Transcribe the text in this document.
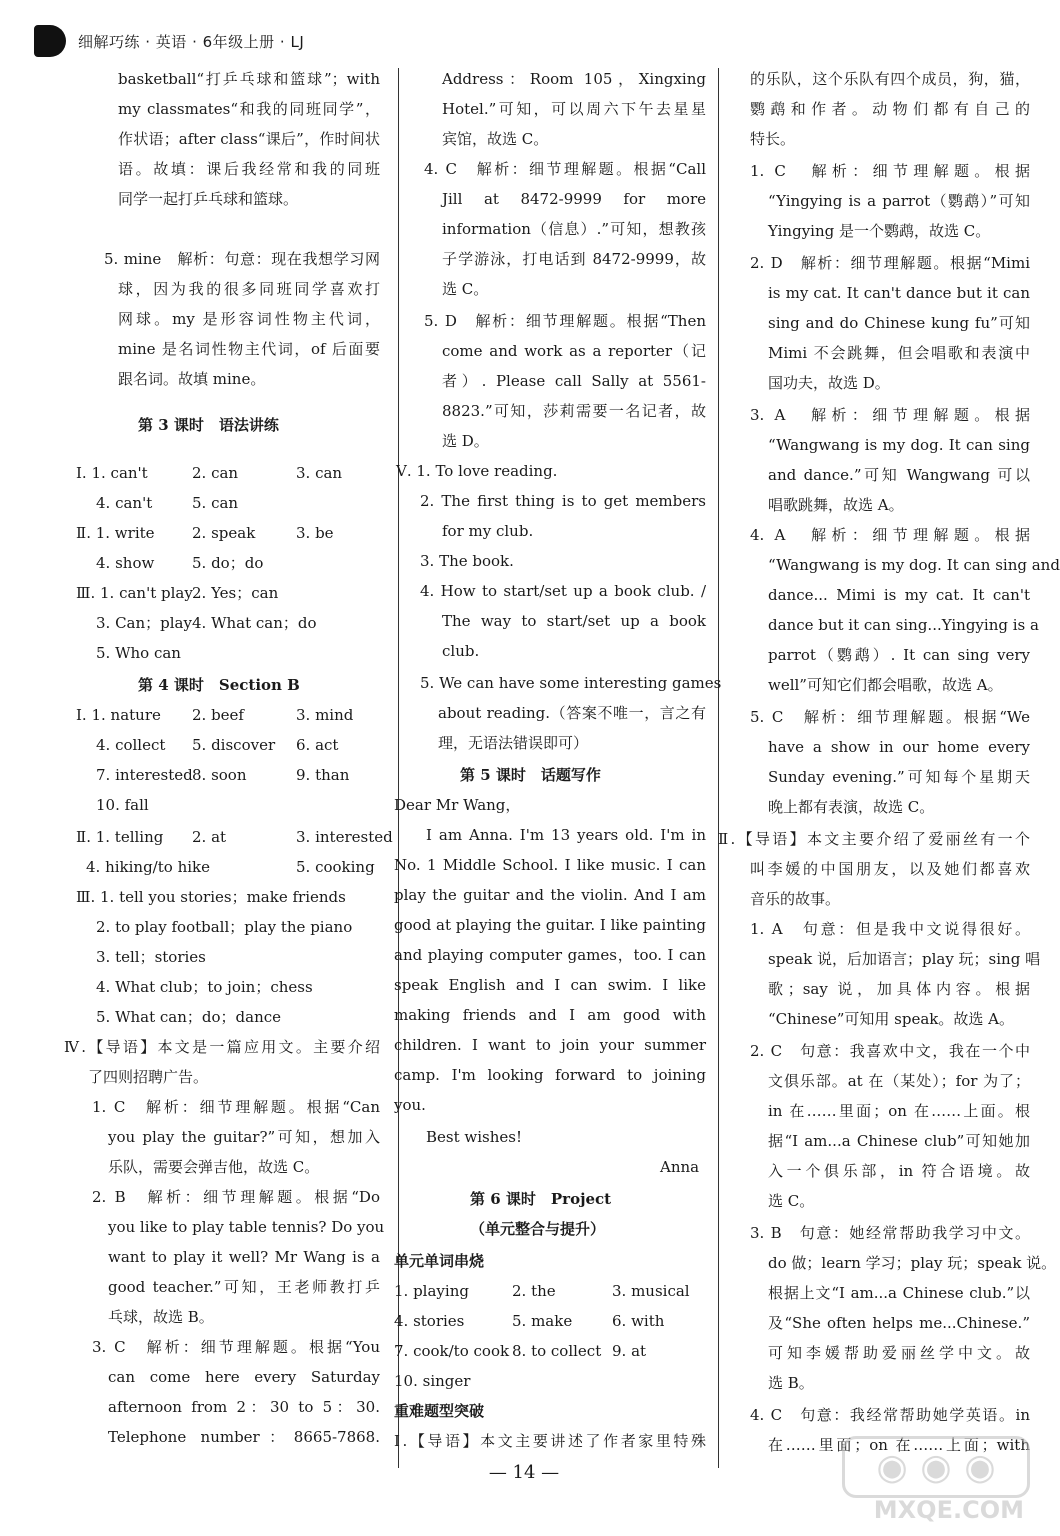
细解巧练 · 英语 · 6年级上册 · LJ
basketball“打乒乓球和篮球”；with
my classmates“和我的同班同学”，
作状语；after class“课后”，作时间状
语。故填：课后我经常和我的同班
同学一起打乒乓球和篮球。
5. mine　解析：句意：现在我想学习网
球，因为我的很多同班同学喜欢打
网球。my 是形容词性物主代词，
mine 是名词性物主代词，of 后面要
跟名词。故填 mine。
第 3 课时　语法讲练
Ⅰ. 1. can't	2. can	3. can
4. can't	5. can
Ⅱ. 1. write 2. speak	3. be
4. show	5. do；do
Ⅲ. 1. can't play 2. Yes；can
3. Can；play 4. What can；do
5. Who can
第 4 课时　Section B
Ⅰ. 1. nature 2. beef	3. mind
4. collect 5. discover 6. act
7. interested 8. soon	9. than
10. fall
Ⅱ. 1. telling 2. at	3. interested
4. hiking/to hike	5. cooking
Ⅲ. 1. tell you stories；make friends
2. to play football；play the piano
3. tell；stories
4. What club；to join；chess
5. What can；do；dance
Ⅳ.【导语】本文是一篇应用文。主要介绍
了四则招聘广告。
1. C　解析：细节理解题。根据“Can
you play the guitar?”可知，想加入
乐队，需要会弹吉他，故选 C。
2. B　解析：细节理解题。根据“Do
you like to play table tennis? Do you
want to play it well? Mr Wang is a
good teacher.”可知，王老师教打乒
乓球，故选 B。
3. C　解析：细节理解题。根据“You
can come here every Saturday
afternoon from 2：30 to 5：30.
Telephone number：8665-7868.
Address：Room 105，Xingxing
Hotel.”可知，可以周六下午去星星
宾馆，故选 C。
4. C　解析：细节理解题。根据“Call
Jill at 8472-9999 for more
information（信息）.”可知，想教孩
子学游泳，打电话到 8472-9999，故
选 C。
5. D　解析：细节理解题。根据“Then
come and work as a reporter（记
者）. Please call Sally at 5561-
8823.”可知，莎莉需要一名记者，故
选 D。
Ⅴ. 1. To love reading.
2. The first thing is to get members
for my club.
3. The book.
4. How to start/set up a book club. /
The way to start/set up a book
club.
5. We can have some interesting games
about reading.（答案不唯一，言之有
理，无语法错误即可）
第 5 课时　话题写作
Dear Mr Wang，
I am Anna. I'm 13 years old. I'm in
No. 1 Middle School. I like music. I can
play the guitar and the violin. And I am
good at playing the guitar. I like painting
and playing computer games，too. I can
speak English and I can swim. I like
making friends and I am good with
children. I want to join your summer
camp. I'm looking forward to joining
you.
Best wishes!
Anna
第 6 课时　Project
（单元整合与提升）
单元单词串烧
1. playing	2. the	3. musical
4. stories	5. make	6. with
7. cook/to cook 8. to collect 9. at
10. singer
重难题型突破
Ⅰ.【导语】本文主要讲述了作者家里特殊
的乐队，这个乐队有四个成员，狗，猫，
鹦鹉和作者。动物们都有自己的
特长。
1. C　解析：细节理解题。根据
“Yingying is a parrot（鹦鹉）”可知
Yingying 是一个鹦鹉，故选 C。
2. D　解析：细节理解题。根据“Mimi
is my cat. It can't dance but it can
sing and do Chinese kung fu”可知
Mimi 不会跳舞，但会唱歌和表演中
国功夫，故选 D。
3. A　解析：细节理解题。根据
“Wangwang is my dog. It can sing
and dance.”可知 Wangwang 可以
唱歌跳舞，故选 A。
4. A　解析：细节理解题。根据
“Wangwang is my dog. It can sing and
dance... Mimi is my cat. It can't
dance but it can sing...Yingying is a
parrot（鹦鹉）. It can sing very
well”可知它们都会唱歌，故选 A。
5. C　解析：细节理解题。根据“We
have a show in our home every
Sunday evening.”可知每个星期天
晚上都有表演，故选 C。
Ⅱ.【导语】本文主要介绍了爱丽丝有一个
叫李媛的中国朋友，以及她们都喜欢
音乐的故事。
1. A　句意：但是我中文说得很好。
speak 说，后加语言；play 玩；sing 唱
歌；say 说，加具体内容。根据
“Chinese”可知用 speak。故选 A。
2. C　句意：我喜欢中文，我在一个中
文俱乐部。at 在（某处）；for 为了；
in 在……里面；on 在……上面。根
据“I am...a Chinese club”可知她加
入一个俱乐部，in 符合语境。故
选 C。
3. B　句意：她经常帮助我学习中文。
do 做；learn 学习；play 玩；speak 说。
根据上文“I am...a Chinese club.”以
及“She often helps me...Chinese.”
可知李媛帮助爱丽丝学中文。故
选 B。
4. C　句意：我经常帮助她学英语。in
在……里面；on 在……上面；with
— 14 —	◉ ◉ ◉
MXQE.COM
